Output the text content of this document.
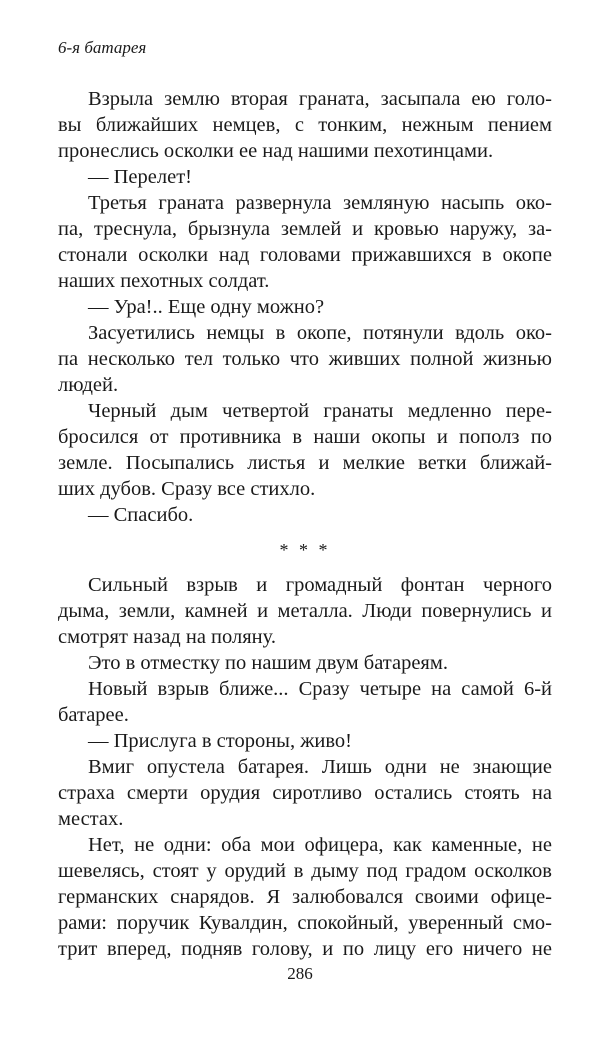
6-я батарея
Взрыла землю вторая граната, засыпала ею голо-
вы ближайших немцев, с тонким, нежным пением
пронеслись осколки ее над нашими пехотинцами.
— Перелет!
Третья граната развернула земляную насыпь око-
па, треснула, брызнула землей и кровью наружу, за-
стонали осколки над головами прижавшихся в окопе
наших пехотных солдат.
— Ура!.. Еще одну можно?
Засуетились немцы в окопе, потянули вдоль око-
па несколько тел только что живших полной жизнью
людей.
Черный дым четвертой гранаты медленно пере-
бросился от противника в наши окопы и пополз по
земле. Посыпались листья и мелкие ветки ближай-
ших дубов. Сразу все стихло.
— Спасибо.
* * *
Сильный взрыв и громадный фонтан черного
дыма, земли, камней и металла. Люди повернулись и
смотрят назад на поляну.
Это в отместку по нашим двум батареям.
Новый взрыв ближе... Сразу четыре на самой 6-й
батарее.
— Прислуга в стороны, живо!
Вмиг опустела батарея. Лишь одни не знающие
страха смерти орудия сиротливо остались стоять на
местах.
Нет, не одни: оба мои офицера, как каменные, не
шевелясь, стоят у орудий в дыму под градом осколков
германских снарядов. Я залюбовался своими офице-
рами: поручик Кувалдин, спокойный, уверенный смо-
трит вперед, подняв голову, и по лицу его ничего не
286
